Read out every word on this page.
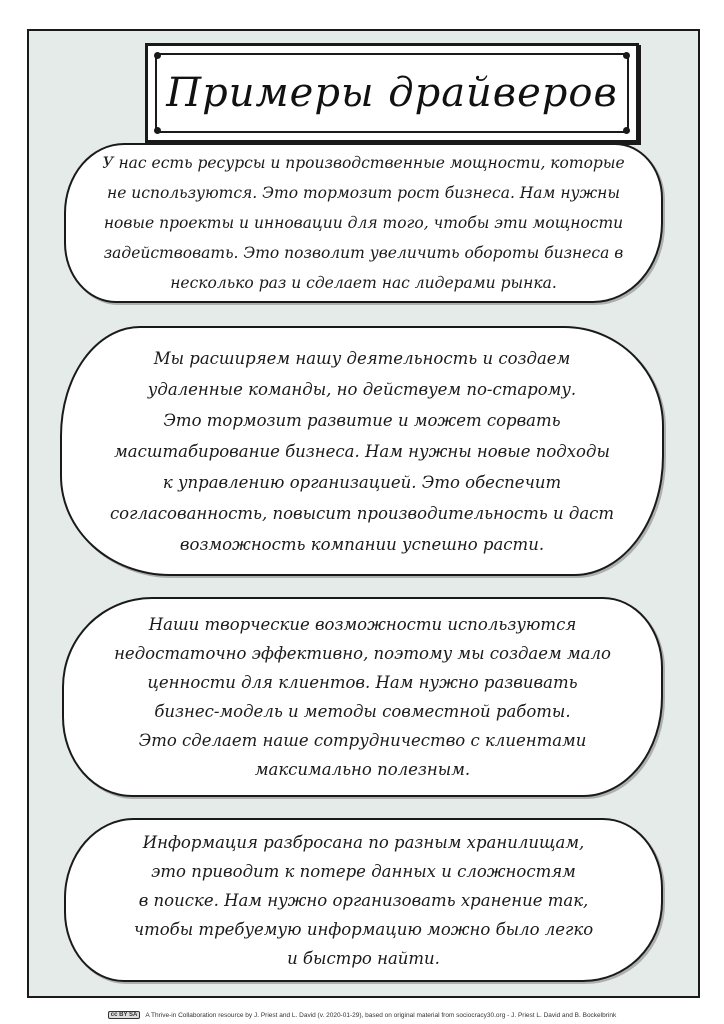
Примеры драйверов

У нас есть ресурсы и производственные мощности, которые
не используются. Это тормозит рост бизнеса. Нам нужны
новые проекты и инновации для того, чтобы эти мощности
задействовать. Это позволит увеличить обороты бизнеса в
несколько раз и сделает нас лидерами рынка.

Мы расширяем нашу деятельность и создаем
удаленные команды, но действуем по-старому.
Это тормозит развитие и может сорвать
масштабирование бизнеса. Нам нужны новые подходы
к управлению организацией. Это обеспечит
согласованность, повысит производительность и даст
возможность компании успешно расти.

Наши творческие возможности используются
недостаточно эффективно, поэтому мы создаем мало
ценности для клиентов. Нам нужно развивать
бизнес-модель и методы совместной работы.
Это сделает наше сотрудничество с клиентами
максимально полезным.

Информация разбросана по разным хранилищам,
это приводит к потере данных и сложностям
в поиске. Нам нужно организовать хранение так,
чтобы требуемую информацию можно было легко
и быстро найти.

cc BY SA	A Thrive-in Collaboration resource by J. Priest and L. David (v. 2020-01-29), based on original material from sociocracy30.org - J. Priest L. David and B. Bockelbrink
